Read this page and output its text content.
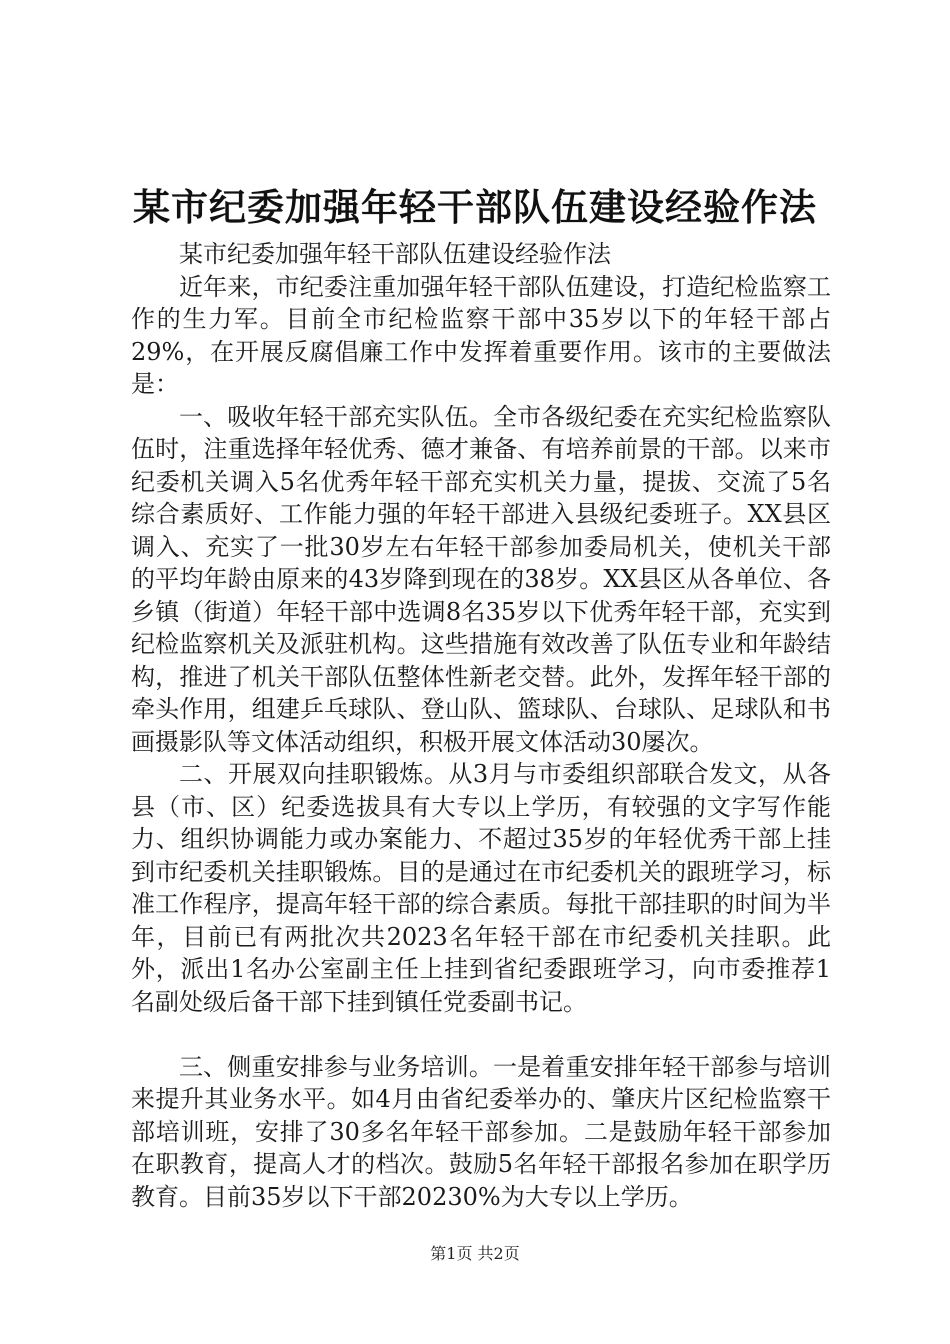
某市纪委加强年轻干部队伍建设经验作法

某市纪委加强年轻干部队伍建设经验作法

近年来，市纪委注重加强年轻干部队伍建设，打造纪检监察工作的生力军。目前全市纪检监察干部中35岁以下的年轻干部占29%，在开展反腐倡廉工作中发挥着重要作用。该市的主要做法是：

一、吸收年轻干部充实队伍。全市各级纪委在充实纪检监察队伍时，注重选择年轻优秀、德才兼备、有培养前景的干部。以来市纪委机关调入5名优秀年轻干部充实机关力量，提拔、交流了5名综合素质好、工作能力强的年轻干部进入县级纪委班子。XX县区调入、充实了一批30岁左右年轻干部参加委局机关，使机关干部的平均年龄由原来的43岁降到现在的38岁。XX县区从各单位、各乡镇（街道）年轻干部中选调8名35岁以下优秀年轻干部，充实到纪检监察机关及派驻机构。这些措施有效改善了队伍专业和年龄结构，推进了机关干部队伍整体性新老交替。此外，发挥年轻干部的牵头作用，组建乒乓球队、登山队、篮球队、台球队、足球队和书画摄影队等文体活动组织，积极开展文体活动30屡次。

二、开展双向挂职锻炼。从3月与市委组织部联合发文，从各县（市、区）纪委选拔具有大专以上学历，有较强的文字写作能力、组织协调能力或办案能力、不超过35岁的年轻优秀干部上挂到市纪委机关挂职锻炼。目的是通过在市纪委机关的跟班学习，标准工作程序，提高年轻干部的综合素质。每批干部挂职的时间为半年，目前已有两批次共2023名年轻干部在市纪委机关挂职。此外，派出1名办公室副主任上挂到省纪委跟班学习，向市委推荐1名副处级后备干部下挂到镇任党委副书记。

三、侧重安排参与业务培训。一是着重安排年轻干部参与培训来提升其业务水平。如4月由省纪委举办的、肇庆片区纪检监察干部培训班，安排了30多名年轻干部参加。二是鼓励年轻干部参加在职教育，提高人才的档次。鼓励5名年轻干部报名参加在职学历教育。目前35岁以下干部20230%为大专以上学历。

第1页 共2页
